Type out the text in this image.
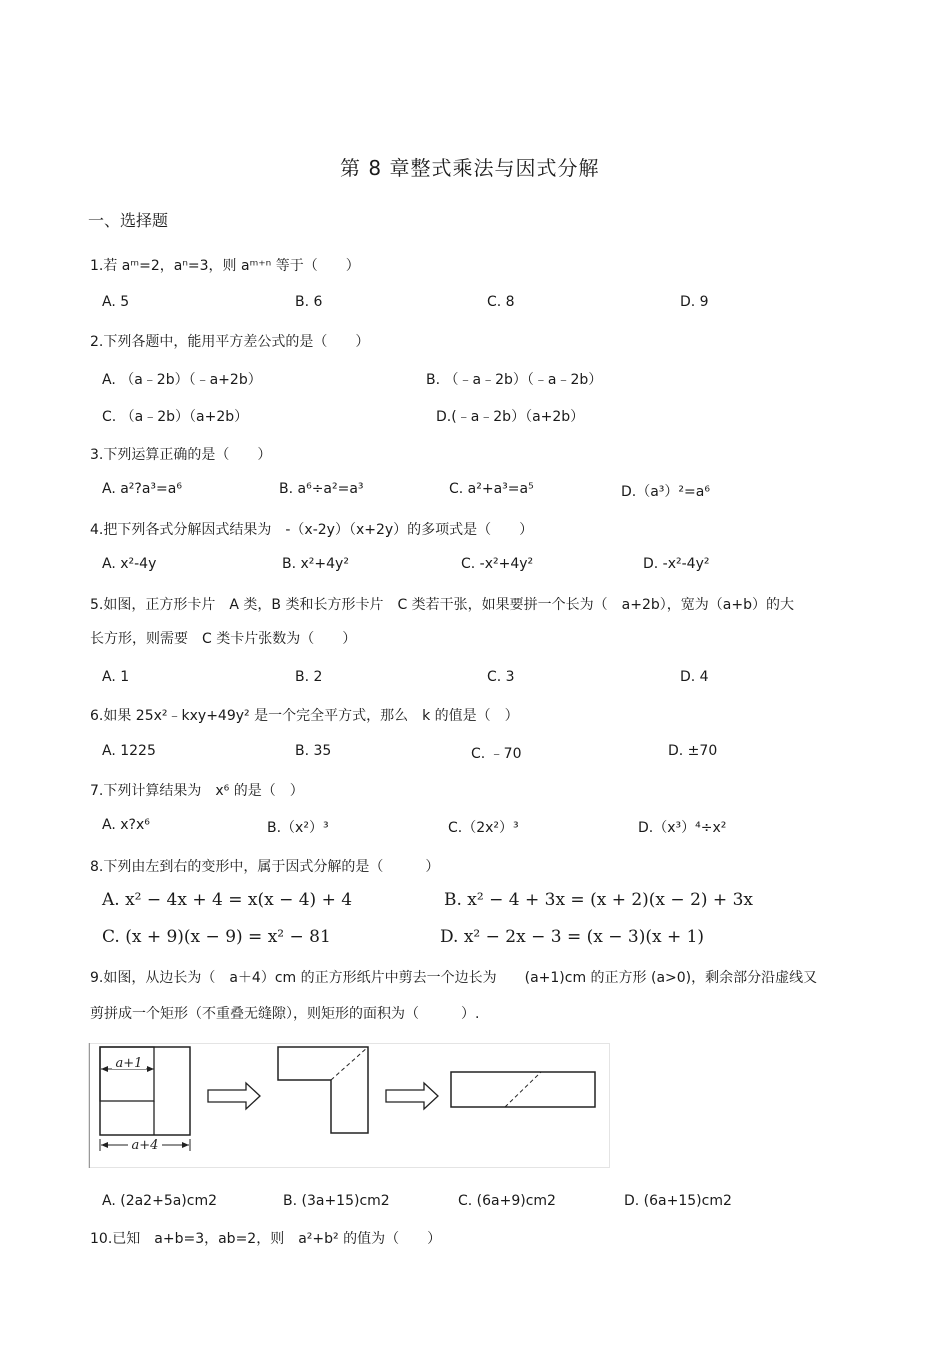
第 8 章整式乘法与因式分解
一、选择题
1.若 aᵐ=2，aⁿ=3，则 aᵐ⁺ⁿ 等于（　　）
A. 5	B. 6	C. 8	D. 9
2.下列各题中，能用平方差公式的是（　　）
A. （a﹣2b）（﹣a+2b）	B. （﹣a﹣2b）（﹣a﹣2b）
C. （a﹣2b）（a+2b）	D.(﹣a﹣2b）（a+2b）
3.下列运算正确的是（　　）
A. a²?a³=a⁶	B. a⁶÷a²=a³	C. a²+a³=a⁵	D.（a³）²=a⁶
4.把下列各式分解因式结果为　-（x-2y）（x+2y）的多项式是（　　）
A. x²-4y	B. x²+4y²	C. -x²+4y²	D. -x²-4y²
5.如图，正方形卡片　A 类，B 类和长方形卡片　C 类若干张，如果要拼一个长为（　a+2b），宽为（a+b）的大
长方形，则需要　C 类卡片张数为（　　）
A. 1	B. 2	C. 3	D. 4
6.如果 25x²﹣kxy+49y² 是一个完全平方式，那么　k 的值是（　）
A. 1225	B. 35	C. ﹣70	D. ±70
7.下列计算结果为　x⁶ 的是（　）
A. x?x⁶	B.（x²）³	C.（2x²）³	D.（x³）⁴÷x²
8.下列由左到右的变形中，属于因式分解的是（　　　）
A. x² − 4x + 4 = x(x − 4) + 4	B. x² − 4 + 3x = (x + 2)(x − 2) + 3x
C. (x + 9)(x − 9) = x² − 81	D. x² − 2x − 3 = (x − 3)(x + 1)
9.如图，从边长为（　a＋4）cm 的正方形纸片中剪去一个边长为　　(a+1)cm 的正方形 (a>0)，剩余部分沿虚线又
剪拼成一个矩形（不重叠无缝隙），则矩形的面积为（　　　）.
a+1
a+4
A. (2a2+5a)cm2	B. (3a+15)cm2	C. (6a+9)cm2	D. (6a+15)cm2
10.已知　a+b=3，ab=2，则　a²+b² 的值为（　　）
